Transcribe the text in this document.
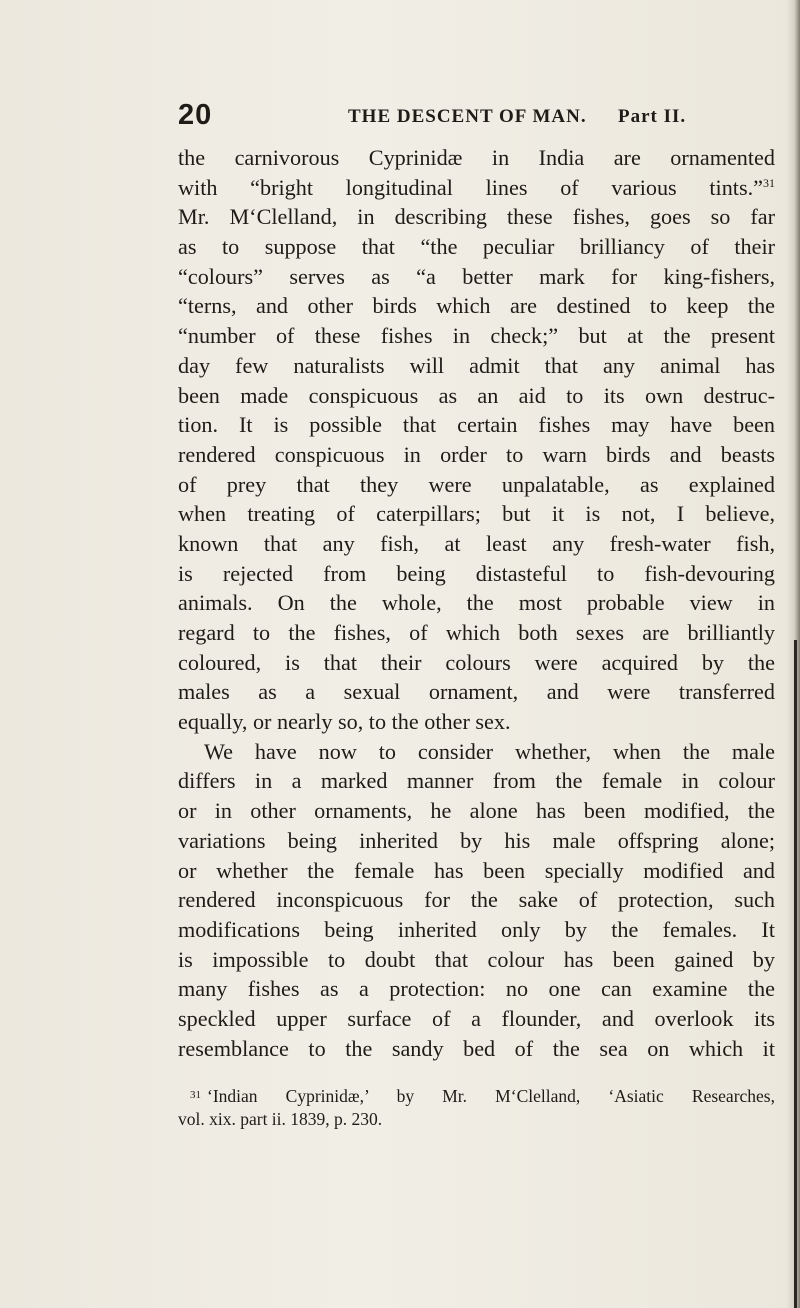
20	THE DESCENT OF MAN. Part II.
the carnivorous Cyprinidæ in India are ornamented
with “bright longitudinal lines of various tints.”$^{31}$
Mr. M‘Clelland, in describing these fishes, goes so far
as to suppose that “the peculiar brilliancy of their
“colours” serves as “a better mark for king-fishers,
“terns, and other birds which are destined to keep the
“number of these fishes in check;” but at the present
day few naturalists will admit that any animal has
been made conspicuous as an aid to its own destruc-
tion. It is possible that certain fishes may have been
rendered conspicuous in order to warn birds and beasts
of prey that they were unpalatable, as explained
when treating of caterpillars; but it is not, I believe,
known that any fish, at least any fresh-water fish,
is rejected from being distasteful to fish-devouring
animals. On the whole, the most probable view in
regard to the fishes, of which both sexes are brilliantly
coloured, is that their colours were acquired by the
males as a sexual ornament, and were transferred
equally, or nearly so, to the other sex.
We have now to consider whether, when the male
differs in a marked manner from the female in colour
or in other ornaments, he alone has been modified, the
variations being inherited by his male offspring alone;
or whether the female has been specially modified and
rendered inconspicuous for the sake of protection, such
modifications being inherited only by the females. It
is impossible to doubt that colour has been gained by
many fishes as a protection: no one can examine the
speckled upper surface of a flounder, and overlook its
resemblance to the sandy bed of the sea on which it
$^{31}$ ‘Indian Cyprinidæ,’ by Mr. M‘Clelland, ‘Asiatic Researches,
vol. xix. part ii. 1839, p. 230.
